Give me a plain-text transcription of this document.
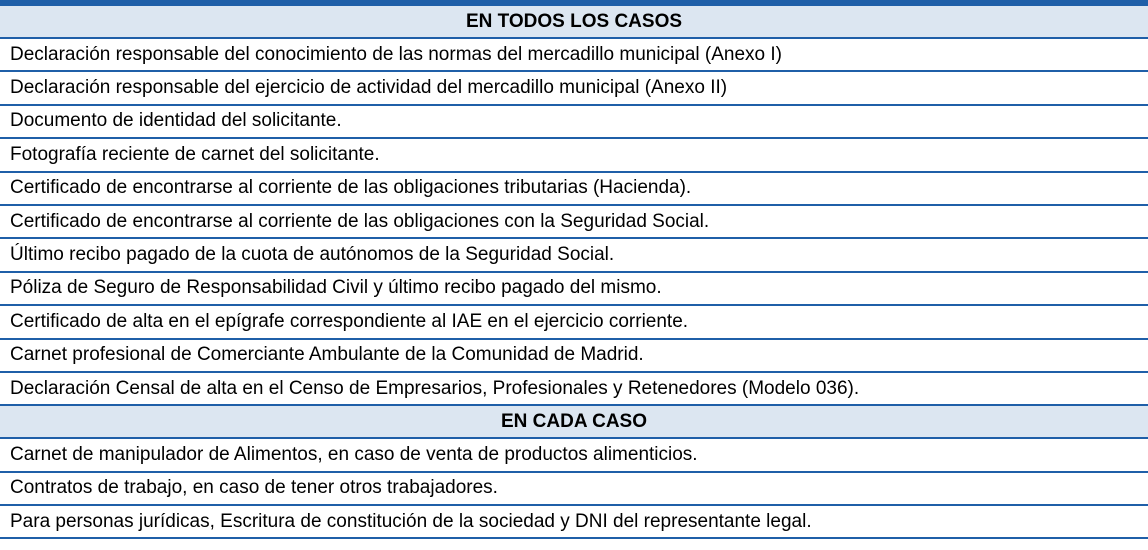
EN TODOS LOS CASOS
Declaración responsable del conocimiento de las normas del mercadillo municipal (Anexo I)
Declaración responsable del ejercicio de actividad del mercadillo municipal (Anexo II)
Documento de identidad del solicitante.
Fotografía reciente de carnet del solicitante.
Certificado de encontrarse al corriente de las obligaciones tributarias (Hacienda).
Certificado de encontrarse al corriente de las obligaciones con la Seguridad Social.
Último recibo pagado de la cuota de autónomos de la Seguridad Social.
Póliza de Seguro de Responsabilidad Civil y último recibo pagado del mismo.
Certificado de alta en el epígrafe correspondiente al IAE en el ejercicio corriente.
Carnet profesional de Comerciante Ambulante de la Comunidad de Madrid.
Declaración Censal de alta en el Censo de Empresarios, Profesionales y Retenedores (Modelo 036).
EN CADA CASO
Carnet de manipulador de Alimentos, en caso de venta de productos alimenticios.
Contratos de trabajo, en caso de tener otros trabajadores.
Para personas jurídicas, Escritura de constitución de la sociedad y DNI del representante legal.
